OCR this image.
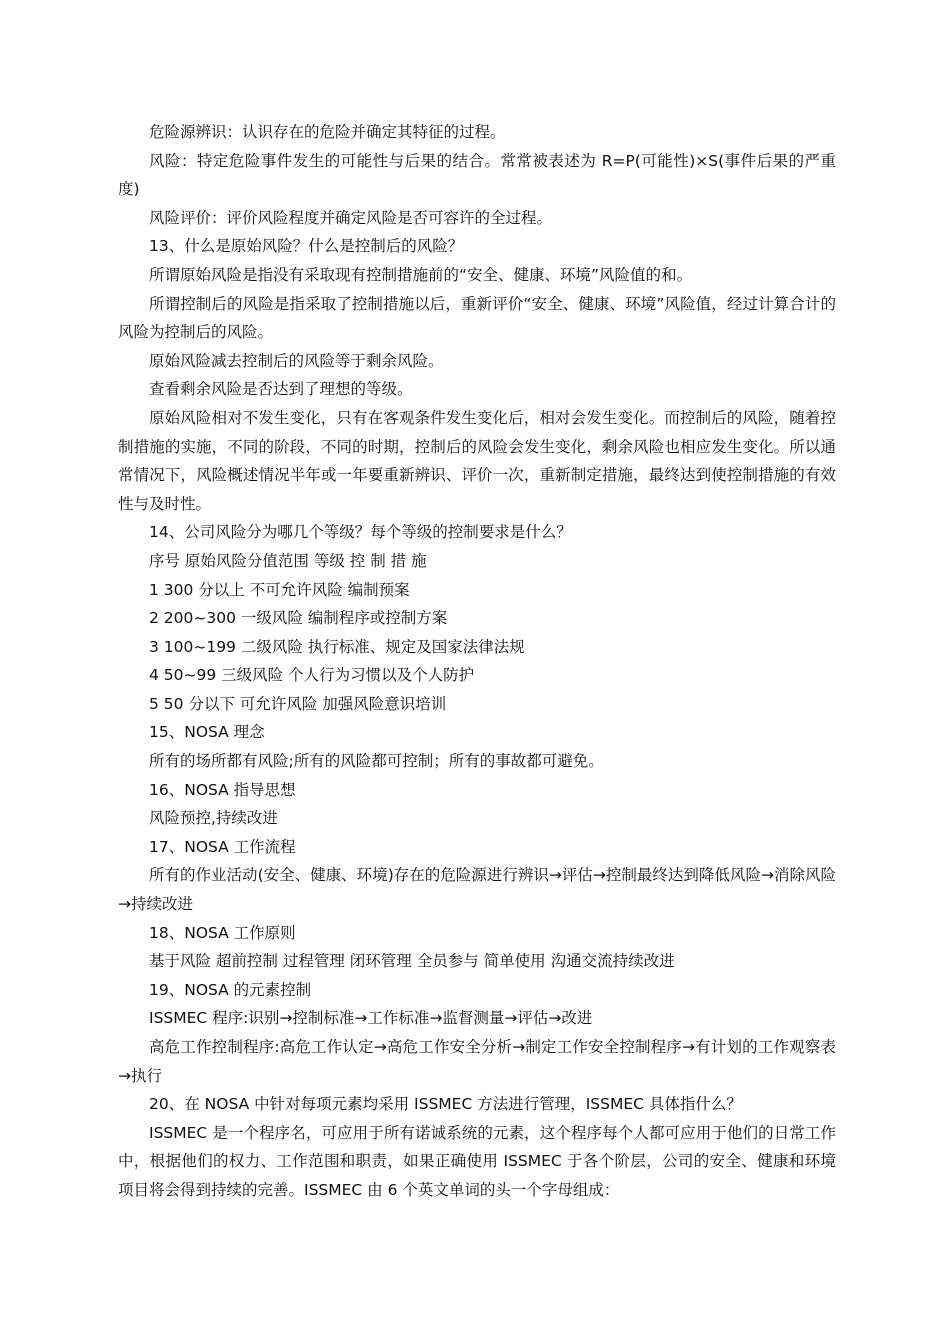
危险源辨识：认识存在的危险并确定其特征的过程。

风险：特定危险事件发生的可能性与后果的结合。常常被表述为 R=P(可能性)×S(事件后果的严重度)

风险评价：评价风险程度并确定风险是否可容许的全过程。

13、什么是原始风险？什么是控制后的风险？

所谓原始风险是指没有采取现有控制措施前的“安全、健康、环境”风险值的和。

所谓控制后的风险是指采取了控制措施以后，重新评价“安全、健康、环境”风险值，经过计算合计的风险为控制后的风险。

原始风险减去控制后的风险等于剩余风险。

查看剩余风险是否达到了理想的等级。

原始风险相对不发生变化，只有在客观条件发生变化后，相对会发生变化。而控制后的风险，随着控制措施的实施，不同的阶段，不同的时期，控制后的风险会发生变化，剩余风险也相应发生变化。所以通常情况下，风险概述情况半年或一年要重新辨识、评价一次，重新制定措施，最终达到使控制措施的有效性与及时性。

14、公司风险分为哪几个等级？每个等级的控制要求是什么？

序号 原始风险分值范围 等级 控 制 措 施

1 300 分以上 不可允许风险 编制预案

2 200~300 一级风险 编制程序或控制方案

3 100~199 二级风险 执行标准、规定及国家法律法规

4 50~99 三级风险 个人行为习惯以及个人防护

5 50 分以下 可允许风险 加强风险意识培训

15、NOSA 理念

所有的场所都有风险;所有的风险都可控制；所有的事故都可避免。

16、NOSA 指导思想

风险预控,持续改进

17、NOSA 工作流程

所有的作业活动(安全、健康、环境)存在的危险源进行辨识→评估→控制最终达到降低风险→消除风险→持续改进

18、NOSA 工作原则

基于风险 超前控制 过程管理 闭环管理 全员参与 简单使用 沟通交流持续改进

19、NOSA 的元素控制

ISSMEC 程序:识别→控制标准→工作标准→监督测量→评估→改进

高危工作控制程序:高危工作认定→高危工作安全分析→制定工作安全控制程序→有计划的工作观察表→执行

20、在 NOSA 中针对每项元素均采用 ISSMEC 方法进行管理，ISSMEC 具体指什么？

ISSMEC 是一个程序名，可应用于所有诺诚系统的元素，这个程序每个人都可应用于他们的日常工作中，根据他们的权力、工作范围和职责，如果正确使用 ISSMEC 于各个阶层，公司的安全、健康和环境项目将会得到持续的完善。ISSMEC 由 6 个英文单词的头一个字母组成：
